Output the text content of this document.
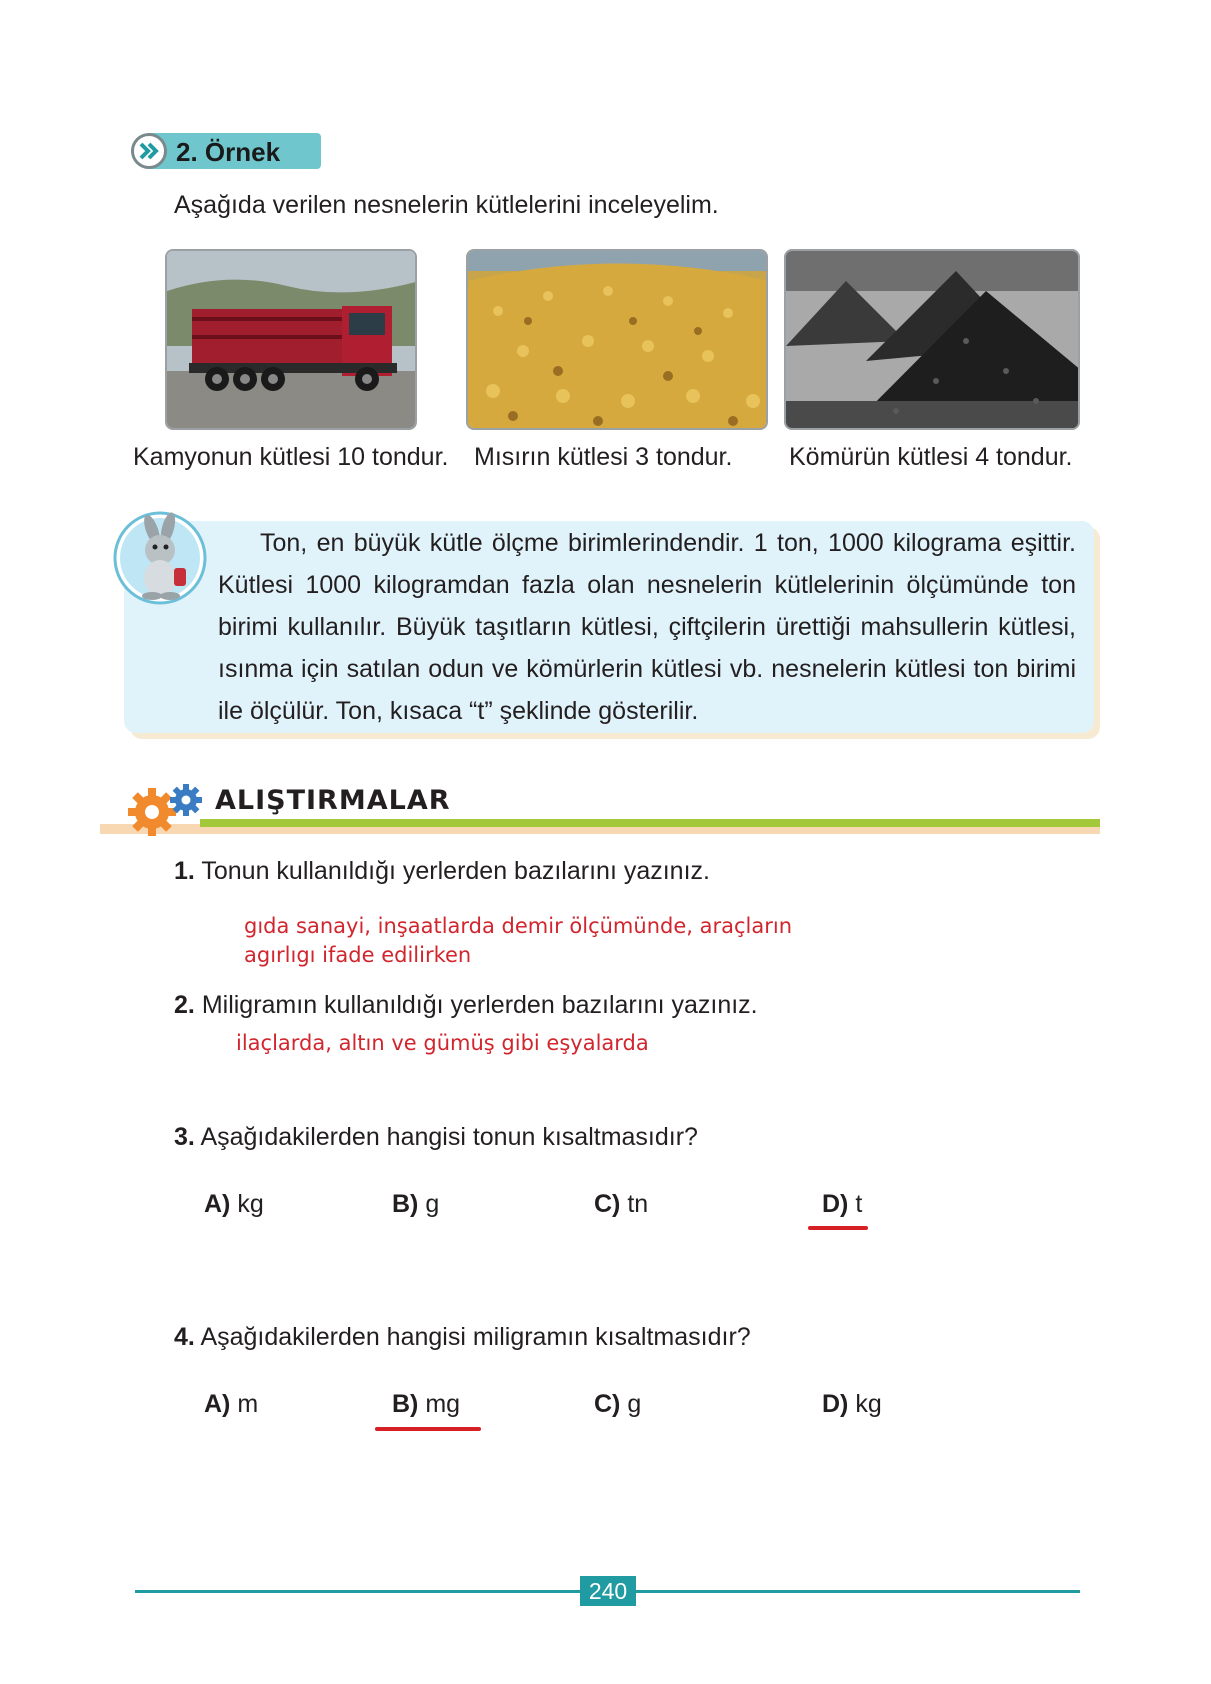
2. Örnek
Aşağıda verilen nesnelerin kütlelerini inceleyelim.
Kamyonun kütlesi 10 tondur. Mısırın kütlesi 3 tondur. Kömürün kütlesi 4 tondur.
Ton, en büyük kütle ölçme birimlerindendir. 1 ton, 1000 kilograma eşittir. Kütlesi 1000 kilogramdan fazla olan nesnelerin kütlelerinin ölçümünde ton birimi kullanılır. Büyük taşıtların kütlesi, çiftçilerin ürettiği mahsullerin kütlesi, ısınma için satılan odun ve kömürlerin kütlesi vb. nesnelerin kütlesi ton birimi ile ölçülür. Ton, kısaca “t” şeklinde gösterilir.
ALIŞTIRMALAR
1. Tonun kullanıldığı yerlerden bazılarını yazınız.
gıda sanayi, inşaatlarda demir ölçümünde, araçların
agırlıgı ifade edilirken
2. Miligramın kullanıldığı yerlerden bazılarını yazınız.
ilaçlarda, altın ve gümüş gibi eşyalarda
3. Aşağıdakilerden hangisi tonun kısaltmasıdır?
A) kg	B) g	C) tn	D) t
4. Aşağıdakilerden hangisi miligramın kısaltmasıdır?
A) m	B) mg	C) g	D) kg
240
